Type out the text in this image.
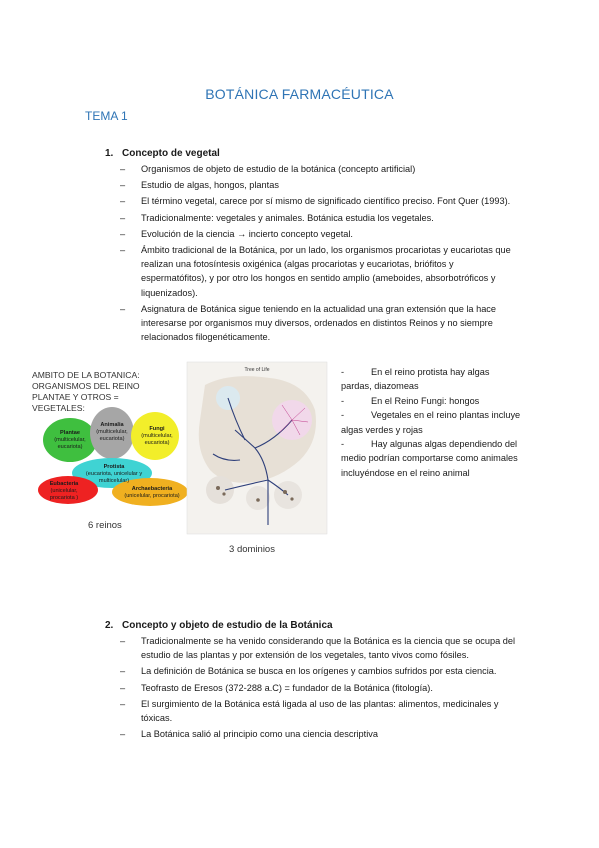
BOTÁNICA FARMACÉUTICA
TEMA 1
1. Concepto de vegetal
– Organismos de objeto de estudio de la botánica (concepto artificial)
– Estudio de algas, hongos, plantas
– El término vegetal, carece por sí mismo de significado científico preciso. Font Quer (1993).
– Tradicionalmente: vegetales y animales. Botánica estudia los vegetales.
– Evolución de la ciencia → incierto concepto vegetal.
– Ámbito tradicional de la Botánica, por un lado, los organismos procariotas y eucariotas que realizan una fotosíntesis oxigénica (algas procariotas y eucariotas, briófitos y espermatófitos), y por otro los hongos en sentido amplio (ameboides, absorbotróficos y liquenizados).
– Asignatura de Botánica sigue teniendo en la actualidad una gran extensión que la hace interesarse por organismos muy diversos, ordenados en distintos Reinos y no siempre relacionados filogenéticamente.
AMBITO DE LA BOTANICA:
ORGANISMOS DEL REINO
PLANTAE Y OTROS =
VEGETALES:
Plantae
(multicelular,
eucariota)
Animalia
(multicelular,
eucariota)
Fungi
(multicelular,
eucariota)
Protista
(eucariota, unicelular y
multicelular)
Eubacteria
(unicelular,
procariota )
Archaebacteria
(unicelular, procariota)
6 reinos
Tree of Life
3 dominios

-	En el reino protista hay algas pardas, diazomeas

-	En el Reino Fungi: hongos

-	Vegetales en el reino plantas incluye algas verdes y rojas

-	Hay algunas algas dependiendo del medio podrían comportarse como animales incluyéndose en el reino animal

2. Concepto y objeto de estudio de la Botánica
– Tradicionalmente se ha venido considerando que la Botánica es la ciencia que se ocupa del estudio de las plantas y por extensión de los vegetales, tanto vivos como fósiles.
– La definición de Botánica se busca en los orígenes y cambios sufridos por esta ciencia.
– Teofrasto de Eresos (372-288 a.C) = fundador de la Botánica (fitología).
– El surgimiento de la Botánica está ligada al uso de las plantas: alimentos, medicinales y tóxicas.
– La Botánica salió al principio como una ciencia descriptiva
